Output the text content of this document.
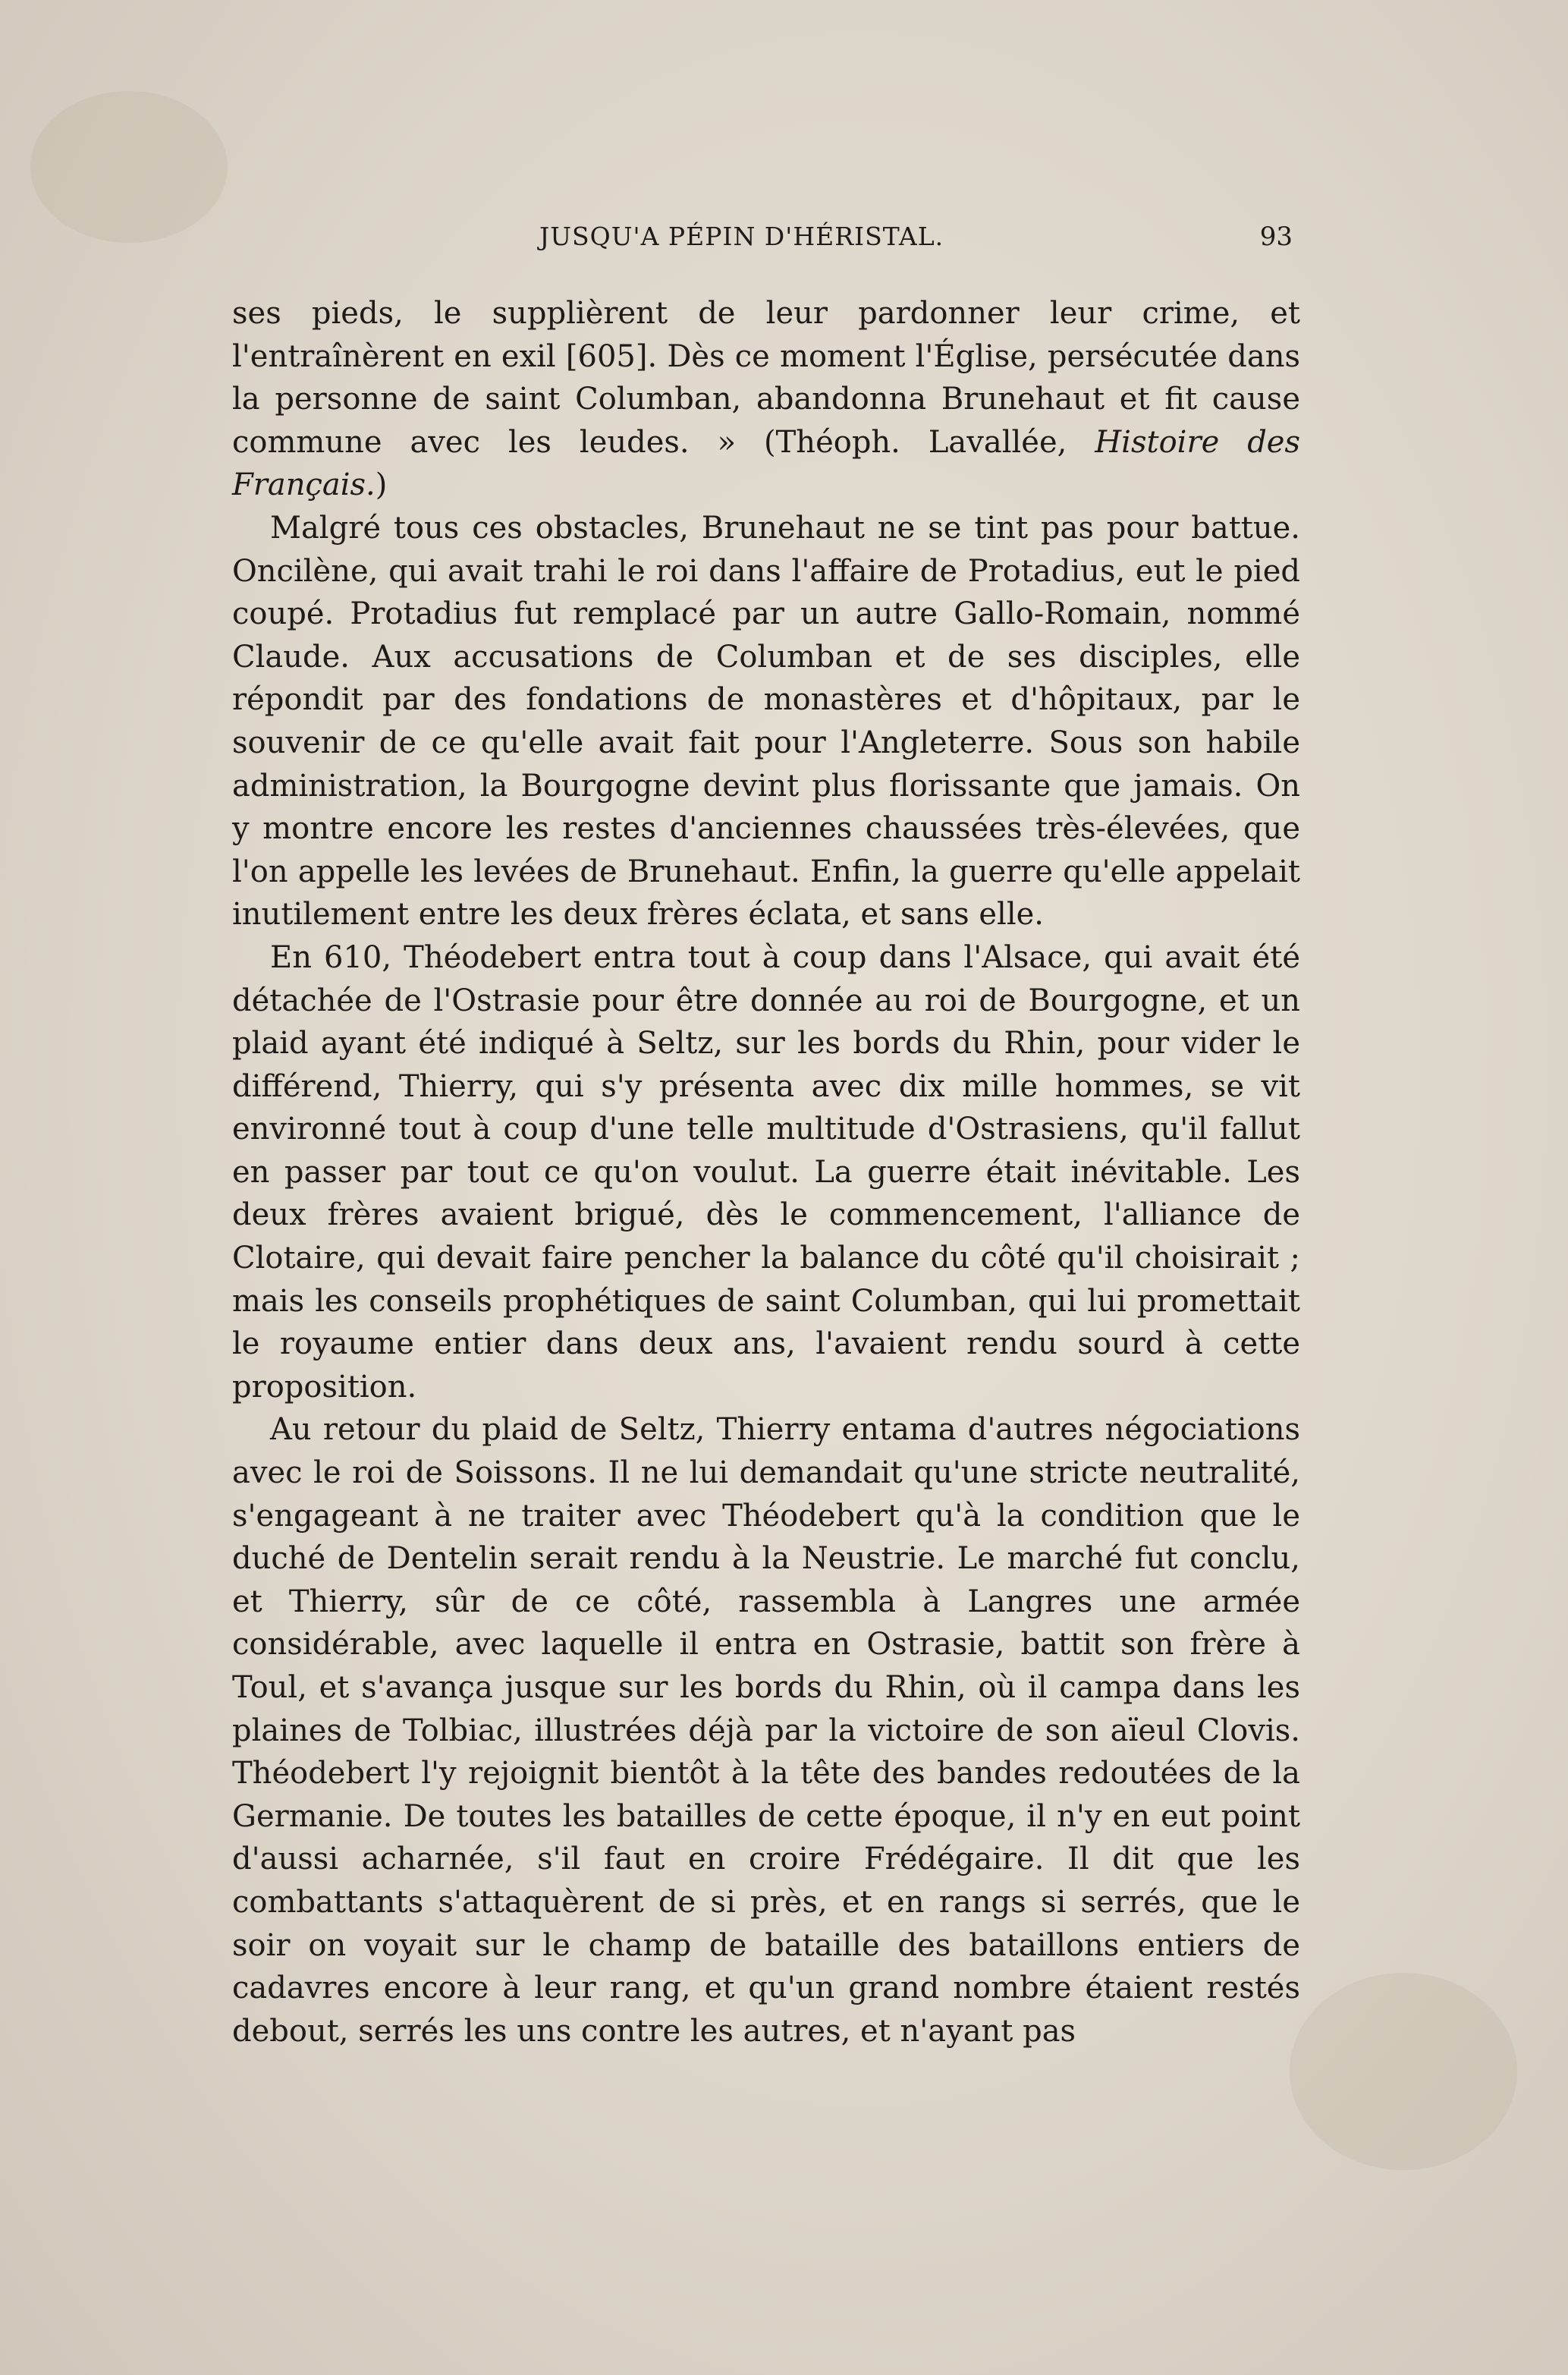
JUSQU'A PÉPIN D'HÉRISTAL.	93

ses pieds, le supplièrent de leur pardonner leur crime, et l'entraînèrent en exil [605]. Dès ce moment l'Église, persécutée dans la personne de saint Columban, abandonna Brunehaut et fit cause commune avec les leudes. » (Théoph. Lavallée, Histoire des Français.)

Malgré tous ces obstacles, Brunehaut ne se tint pas pour battue. Oncilène, qui avait trahi le roi dans l'affaire de Protadius, eut le pied coupé. Protadius fut remplacé par un autre Gallo-Romain, nommé Claude. Aux accusations de Columban et de ses disciples, elle répondit par des fondations de monastères et d'hôpitaux, par le souvenir de ce qu'elle avait fait pour l'Angleterre. Sous son habile administration, la Bourgogne devint plus florissante que jamais. On y montre encore les restes d'anciennes chaussées très-élevées, que l'on appelle les levées de Brunehaut. Enfin, la guerre qu'elle appelait inutilement entre les deux frères éclata, et sans elle.

En 610, Théodebert entra tout à coup dans l'Alsace, qui avait été détachée de l'Ostrasie pour être donnée au roi de Bourgogne, et un plaid ayant été indiqué à Seltz, sur les bords du Rhin, pour vider le différend, Thierry, qui s'y présenta avec dix mille hommes, se vit environné tout à coup d'une telle multitude d'Ostrasiens, qu'il fallut en passer par tout ce qu'on voulut. La guerre était inévitable. Les deux frères avaient brigué, dès le commencement, l'alliance de Clotaire, qui devait faire pencher la balance du côté qu'il choisirait ; mais les conseils prophétiques de saint Columban, qui lui promettait le royaume entier dans deux ans, l'avaient rendu sourd à cette proposition.

Au retour du plaid de Seltz, Thierry entama d'autres négociations avec le roi de Soissons. Il ne lui demandait qu'une stricte neutralité, s'engageant à ne traiter avec Théodebert qu'à la condition que le duché de Dentelin serait rendu à la Neustrie. Le marché fut conclu, et Thierry, sûr de ce côté, rassembla à Langres une armée considérable, avec laquelle il entra en Ostrasie, battit son frère à Toul, et s'avança jusque sur les bords du Rhin, où il campa dans les plaines de Tolbiac, illustrées déjà par la victoire de son aïeul Clovis. Théodebert l'y rejoignit bientôt à la tête des bandes redoutées de la Germanie. De toutes les batailles de cette époque, il n'y en eut point d'aussi acharnée, s'il faut en croire Frédégaire. Il dit que les combattants s'attaquèrent de si près, et en rangs si serrés, que le soir on voyait sur le champ de bataille des bataillons entiers de cadavres encore à leur rang, et qu'un grand nombre étaient restés debout, serrés les uns contre les autres, et n'ayant pas
